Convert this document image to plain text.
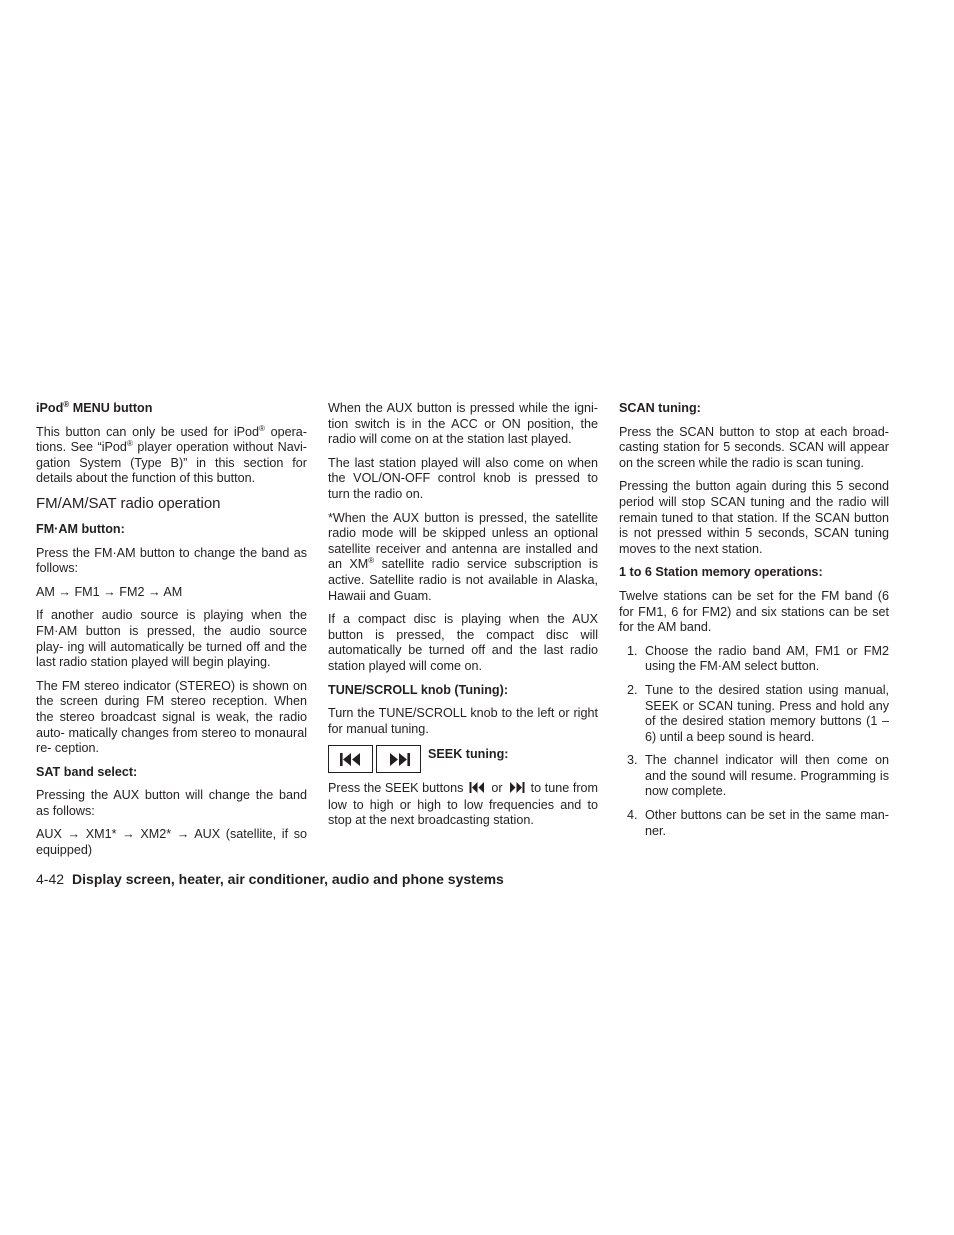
iPod® MENU button

This button can only be used for iPod® opera- tions. See “iPod® player operation without Navi- gation System (Type B)” in this section for details about the function of this button.

FM/AM/SAT radio operation
FM·AM button:

Press the FM·AM button to change the band as follows:

AM → FM1 → FM2 → AM

If another audio source is playing when the FM·AM button is pressed, the audio source play- ing will automatically be turned off and the last radio station played will begin playing.

The FM stereo indicator (STEREO) is shown on the screen during FM stereo reception. When the stereo broadcast signal is weak, the radio auto- matically changes from stereo to monaural re- ception.

SAT band select:

Pressing the AUX button will change the band as follows:

AUX → XM1* → XM2* → AUX (satellite, if so equipped)

When the AUX button is pressed while the igni- tion switch is in the ACC or ON position, the radio will come on at the station last played.

The last station played will also come on when the VOL/ON-OFF control knob is pressed to turn the radio on.

*When the AUX button is pressed, the satellite radio mode will be skipped unless an optional satellite receiver and antenna are installed and an XM® satellite radio service subscription is active. Satellite radio is not available in Alaska, Hawaii and Guam.

If a compact disc is playing when the AUX button is pressed, the compact disc will automatically be turned off and the last radio station played will come on.

TUNE/SCROLL knob (Tuning):

Turn the TUNE/SCROLL knob to the left or right for manual tuning.

SEEK tuning:

Press the SEEK buttons or to tune from low to high or high to low frequencies and to stop at the next broadcasting station.

SCAN tuning:

Press the SCAN button to stop at each broad- casting station for 5 seconds. SCAN will appear on the screen while the radio is scan tuning.

Pressing the button again during this 5 second period will stop SCAN tuning and the radio will remain tuned to that station. If the SCAN button is not pressed within 5 seconds, SCAN tuning moves to the next station.

1 to 6 Station memory operations:

Twelve stations can be set for the FM band (6 for FM1, 6 for FM2) and six stations can be set for the AM band.

1. Choose the radio band AM, FM1 or FM2 using the FM·AM select button.
2. Tune to the desired station using manual, SEEK or SCAN tuning. Press and hold any of the desired station memory buttons (1 – 6) until a beep sound is heard.
3. The channel indicator will then come on and the sound will resume. Programming is now complete.
4. Other buttons can be set in the same man- ner.
4-42 Display screen, heater, air conditioner, audio and phone systems
